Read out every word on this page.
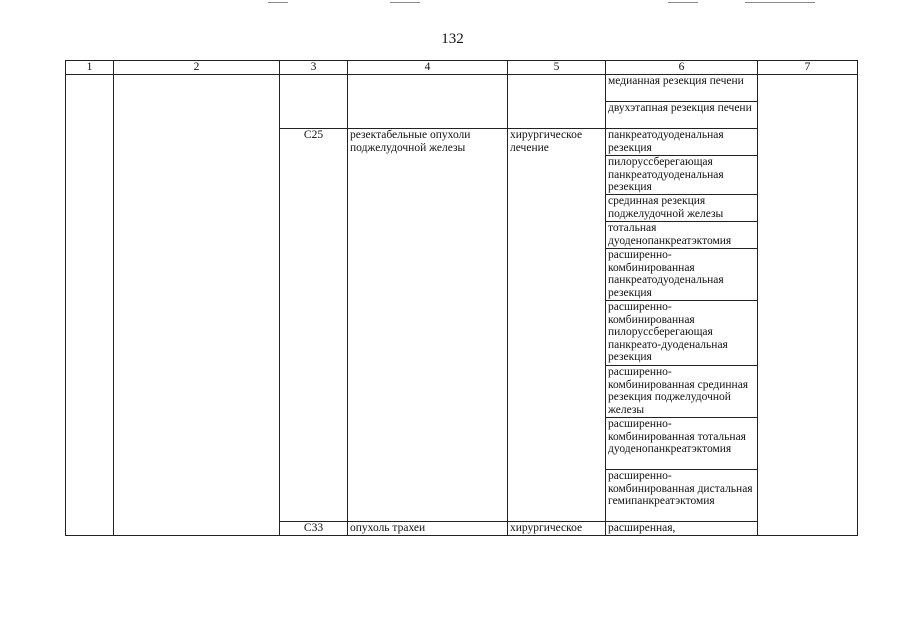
132
1	2	3	4	5	6	7

					медианная резекция печени	

					двухэтапная резекция печени	

		С25	резектабельные опухоли поджелудочной железы	хирургическое лечение	панкреатодуоденальная резекция	

					пилоруссберегающая панкреатодуоденальная резекция	

					срединная резекция поджелудочной железы	

					тотальная дуоденопанкреатэктомия	

					расширенно-комбинированная панкреатодуоденальная резекция	

					расширенно-комбинированная пилоруссберегающая панкреато-дуоденальная резекция	

					расширенно-комбинированная срединная резекция поджелудочной железы	

					расширенно-комбинированная тотальная дуоденопанкреатэктомия	

					расширенно-комбинированная дистальная гемипанкреатэктомия	

		С33	опухоль трахеи	хирургическое	расширенная,	
